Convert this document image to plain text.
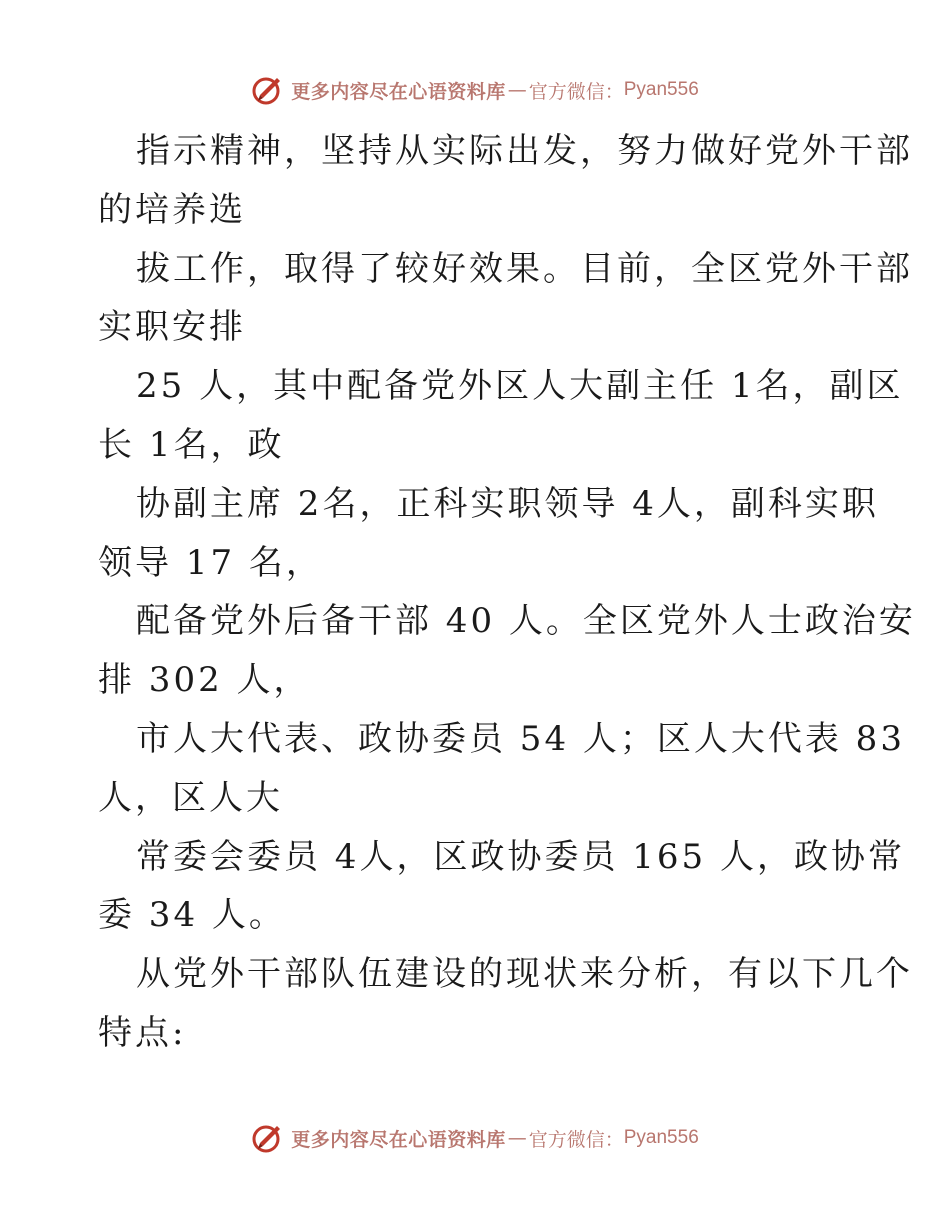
更多内容尽在心语资料库 — 官方微信： Pyan556
指示精神，坚持从实际出发，努力做好党外干部
的培养选
拔工作，取得了较好效果。目前，全区党外干部
实职安排
25 人，其中配备党外区人大副主任 1名，副区
长 1名，政
协副主席 2名，正科实职领导 4人，副科实职
领导 17 名，
配备党外后备干部 40 人。全区党外人士政治安
排 302 人，
市人大代表、政协委员 54 人；区人大代表 83
人，区人大
常委会委员 4人，区政协委员 165 人，政协常
委 34 人。
从党外干部队伍建设的现状来分析，有以下几个
特点:
更多内容尽在心语资料库 — 官方微信： Pyan556
